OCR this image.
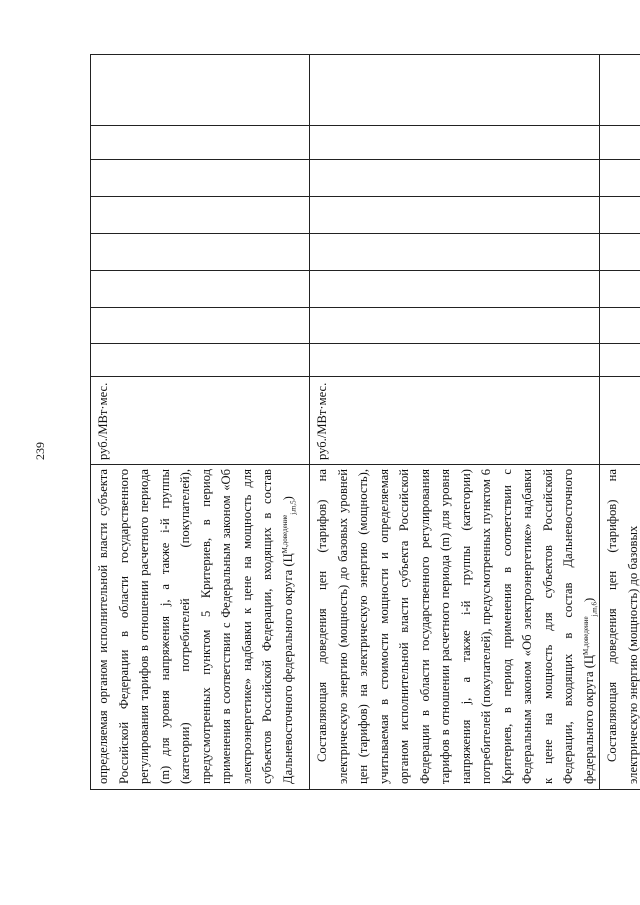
239

определяемая органом исполнительной власти субъекта Российской Федерации в области государственного регулирования тарифов в отношении расчетного периода (m) для уровня напряжения j, а также i-й группы (категории) потребителей (покупателей), предусмотренных пунктом 5 Критериев, в период применения в соответствии с Федеральным законом «Об электроэнергетике» надбавки к цене на мощность для субъектов Российской Федерации, входящих в состав Дальневосточного федерального округа $(Ц^{М,доведение}_{j,m,5})$	руб./МВт·мес.								

Составляющая доведения цен (тарифов) на электрическую энергию (мощность) до базовых уровней цен (тарифов) на электрическую энергию (мощность), учитываемая в стоимости мощности и определяемая органом исполнительной власти субъекта Российской Федерации в области государственного регулирования тарифов в отношении расчетного периода (m) для уровня напряжения j, а также i-й группы (категории) потребителей (покупателей), предусмотренных пунктом 6 Критериев, в период применения в соответствии с Федеральным законом «Об электроэнергетике» надбавки к цене на мощность для субъектов Российской Федерации, входящих в состав Дальневосточного федерального округа $(Ц^{М,доведение}_{j,m,6})$	руб./МВт·мес.								

Составляющая доведения цен (тарифов) на электрическую энергию (мощность) до базовых									
